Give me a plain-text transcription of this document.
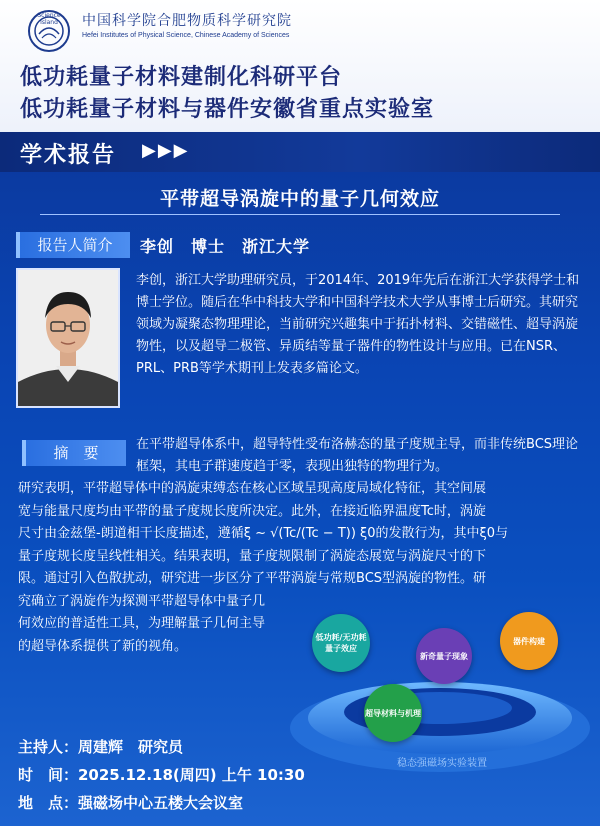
Science Island	中国科学院合肥物质科学研究院
Hefei Institutes of Physical Science, Chinese Academy of Sciences
低功耗量子材料建制化科研平台
低功耗量子材料与器件安徽省重点实验室
学术报告 ▶▶▶
平带超导涡旋中的量子几何效应
报告人简介	李创　博士　浙江大学
李创，浙江大学助理研究员，于2014年、2019年先后在浙江大学获得学士和博士学位。随后在华中科技大学和中国科学技术大学从事博士后研究。其研究领域为凝聚态物理理论，当前研究兴趣集中于拓扑材料、交错磁性、超导涡旋物性，以及超导二极管、异质结等量子器件的物性设计与应用。已在NSR、PRL、PRB等学术期刊上发表多篇论文。
摘　要	在平带超导体系中，超导特性受布洛赫态的量子度规主导，而非传统BCS理论框架，其电子群速度趋于零，表现出独特的物理行为。
研究表明，平带超导体中的涡旋束缚态在核心区域呈现高度局域化特征，其空间展
宽与能量尺度均由平带的量子度规长度所决定。此外，在接近临界温度Tc时，涡旋
尺寸由金兹堡-朗道相干长度描述，遵循ξ ~ √(Tc/(Tc − T)) ξ0的发散行为，其中ξ0与
量子度规长度呈线性相关。结果表明，量子度规限制了涡旋态展宽与涡旋尺寸的下
限。通过引入色散扰动，研究进一步区分了平带涡旋与常规BCS型涡旋的物性。研
究确立了涡旋作为探测平带超导体中量子几
何效应的普适性工具，为理解量子几何主导
的超导体系提供了新的视角。
低功耗/无功耗量子效应
新奇量子现象
器件构建
超导材料与机理
稳态强磁场实验装置
主持人：周建辉　研究员
时　间：2025.12.18(周四) 上午 10:30
地　点：强磁场中心五楼大会议室
